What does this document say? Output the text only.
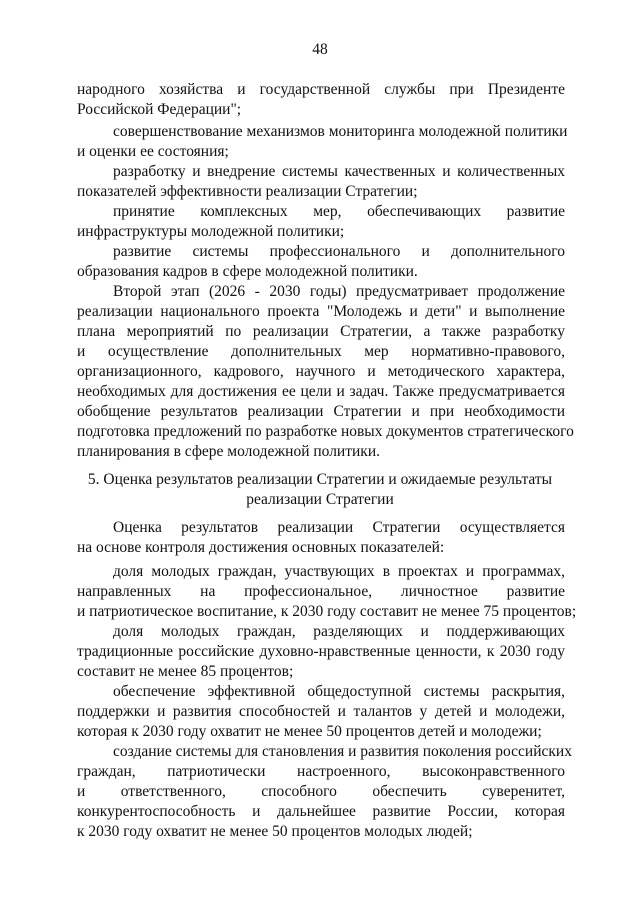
48
народного хозяйства и государственной службы при Президенте
Российской Федерации";
совершенствование механизмов мониторинга молодежной политики
и оценки ее состояния;
разработку и внедрение системы качественных и количественных
показателей эффективности реализации Стратегии;
принятие комплексных мер, обеспечивающих развитие
инфраструктуры молодежной политики;
развитие системы профессионального и дополнительного
образования кадров в сфере молодежной политики.
Второй этап (2026 - 2030 годы) предусматривает продолжение
реализации национального проекта "Молодежь и дети" и выполнение
плана мероприятий по реализации Стратегии, а также разработку
и осуществление дополнительных мер нормативно-правового,
организационного, кадрового, научного и методического характера,
необходимых для достижения ее цели и задач. Также предусматривается
обобщение результатов реализации Стратегии и при необходимости
подготовка предложений по разработке новых документов стратегического
планирования в сфере молодежной политики.
5. Оценка результатов реализации Стратегии и ожидаемые результаты
реализации Стратегии
Оценка результатов реализации Стратегии осуществляется
на основе контроля достижения основных показателей:
доля молодых граждан, участвующих в проектах и программах,
направленных на профессиональное, личностное развитие
и патриотическое воспитание, к 2030 году составит не менее 75 процентов;
доля молодых граждан, разделяющих и поддерживающих
традиционные российские духовно-нравственные ценности, к 2030 году
составит не менее 85 процентов;
обеспечение эффективной общедоступной системы раскрытия,
поддержки и развития способностей и талантов у детей и молодежи,
которая к 2030 году охватит не менее 50 процентов детей и молодежи;
создание системы для становления и развития поколения российских
граждан, патриотически настроенного, высоконравственного
и ответственного, способного обеспечить суверенитет,
конкурентоспособность и дальнейшее развитие России, которая
к 2030 году охватит не менее 50 процентов молодых людей;
